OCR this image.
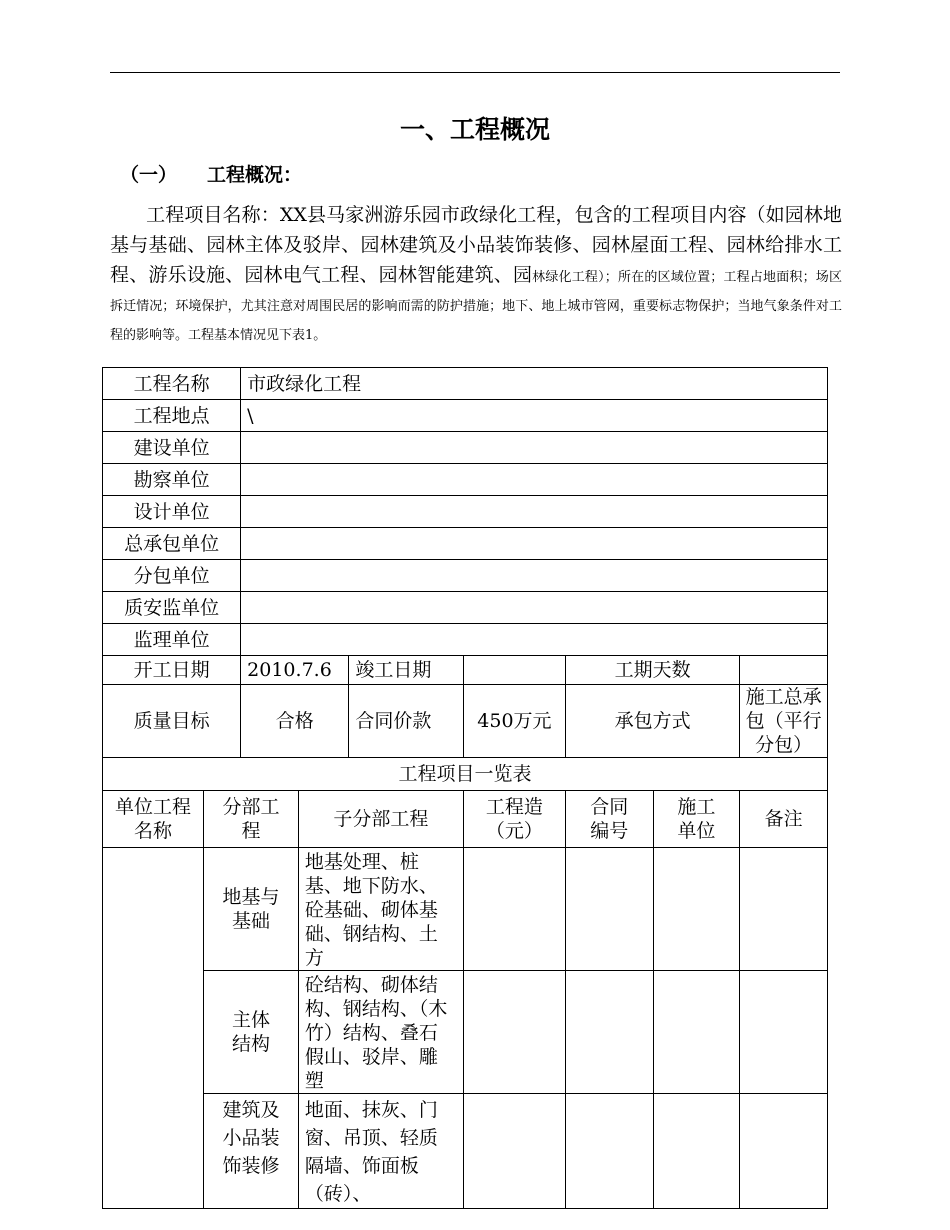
一、工程概况
（一） 工程概况：
工程项目名称：XX县马家洲游乐园市政绿化工程，包含的工程项目内容（如园林地基与基础、园林主体及驳岸、园林建筑及小品装饰装修、园林屋面工程、园林给排水工程、游乐设施、园林电气工程、园林智能建筑、园林绿化工程）；所在的区域位置；工程占地面积；场区拆迁情况；环境保护，尤其注意对周围民居的影响而需的防护措施；地下、地上城市管网，重要标志物保护；当地气象条件对工程的影响等。工程基本情况见下表1。
工程名称		市政绿化工程						
工程地点		\						
建设单位								
勘察单位								
设计单位								
总承包单位								
分包单位								
质安监单位								
监理单位								
开工日期		2010.7.6		竣工日期		工期天数		
质量目标		合格		合同价款	450万元	承包方式		施工总承包（平行分包）
工程项目一览表								
单位工程名称	分部工程		子分部工程		工程造（元）	合同编号	施工单位	备注
	地基与基础		地基处理、桩基、地下防水、砼基础、砌体基础、钢结构、土方					
	主体结构		砼结构、砌体结构、钢结构、（木竹）结构、叠石假山、驳岸、雕塑					
	建筑及小品装饰装修		地面、抹灰、门窗、吊顶、轻质隔墙、饰面板（砖）、					
